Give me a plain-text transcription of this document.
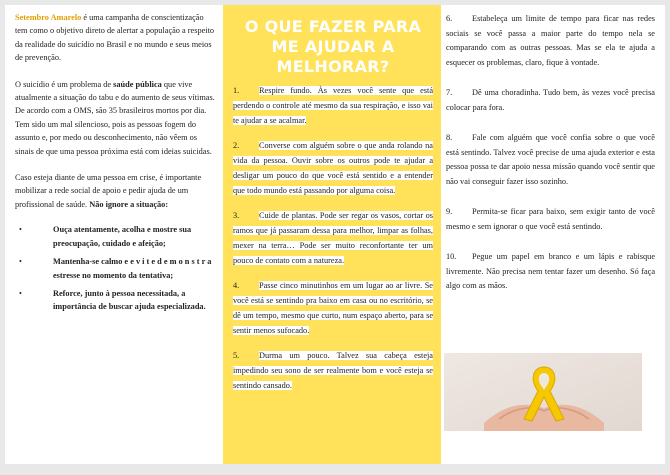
Setembro Amarelo é uma campanha de conscientização tem como o objetivo direto de alertar a população a respeito da realidade do suicídio no Brasil e no mundo e seus meios de prevenção.

O suicídio é um problema de saúde pública que vive atualmente a situação do tabu e do aumento de seus vítimas. De acordo com a OMS, são 35 brasileiros mortos por dia. Tem sido um mal silencioso, pois as pessoas fogem do assunto e, por medo ou desconhecimento, não vêem os sinais de que uma pessoa próxima está com ideias suicidas.

Caso esteja diante de uma pessoa em crise, é importante mobilizar a rede social de apoio e pedir ajuda de um profissional de saúde. Não ignore a situação:

•	Ouça atentamente, acolha e mostre sua preocupação, cuidado e afeição;
•	Mantenha-se calmo e e v i t e d e m o n s t r a estresse no momento da tentativa;
•	Reforce, junto à pessoa necessitada, a importância de buscar ajuda especializada.
O QUE FAZER PARA ME AJUDAR A MELHORAR?
1. Respire fundo. Às vezes você sente que está perdendo o controle até mesmo da sua respiração, e isso vai te ajudar a se acalmar.
2. Converse com alguém sobre o que anda rolando na vida da pessoa. Ouvir sobre os outros pode te ajudar a desligar um pouco do que você está sentido e a entender que todo mundo está passando por alguma coisa.
3. Cuide de plantas. Pode ser regar os vasos, cortar os ramos que já passaram dessa para melhor, limpar as folhas, mexer na terra… Pode ser muito reconfortante ter um pouco de contato com a natureza.
4. Passe cinco minutinhos em um lugar ao ar livre. Se você está se sentindo pra baixo em casa ou no escritório, se dê um tempo, mesmo que curto, num espaço aberto, para se sentir menos sufocado.
5. Durma um pouco. Talvez sua cabeça esteja impedindo seu sono de ser realmente bom e você esteja se sentindo cansado.
6. Estabeleça um limite de tempo para ficar nas redes sociais se você passa a maior parte do tempo nela se comparando com as outras pessoas. Mas se ela te ajuda a esquecer os problemas, claro, fique à vontade.
7. Dê uma choradinha. Tudo bem, às vezes você precisa colocar para fora.
8. Fale com alguém que você confia sobre o que você está sentindo. Talvez você precise de uma ajuda exterior e esta pessoa possa te dar apoio nessa missão quando você sentir que não vai conseguir fazer isso sozinho.
9. Permita-se ficar para baixo, sem exigir tanto de você mesmo e sem ignorar o que você está sentindo.
10. Pegue um papel em branco e um lápis e rabisque livremente. Não precisa nem tentar fazer um desenho. Só faça algo com as mãos.
